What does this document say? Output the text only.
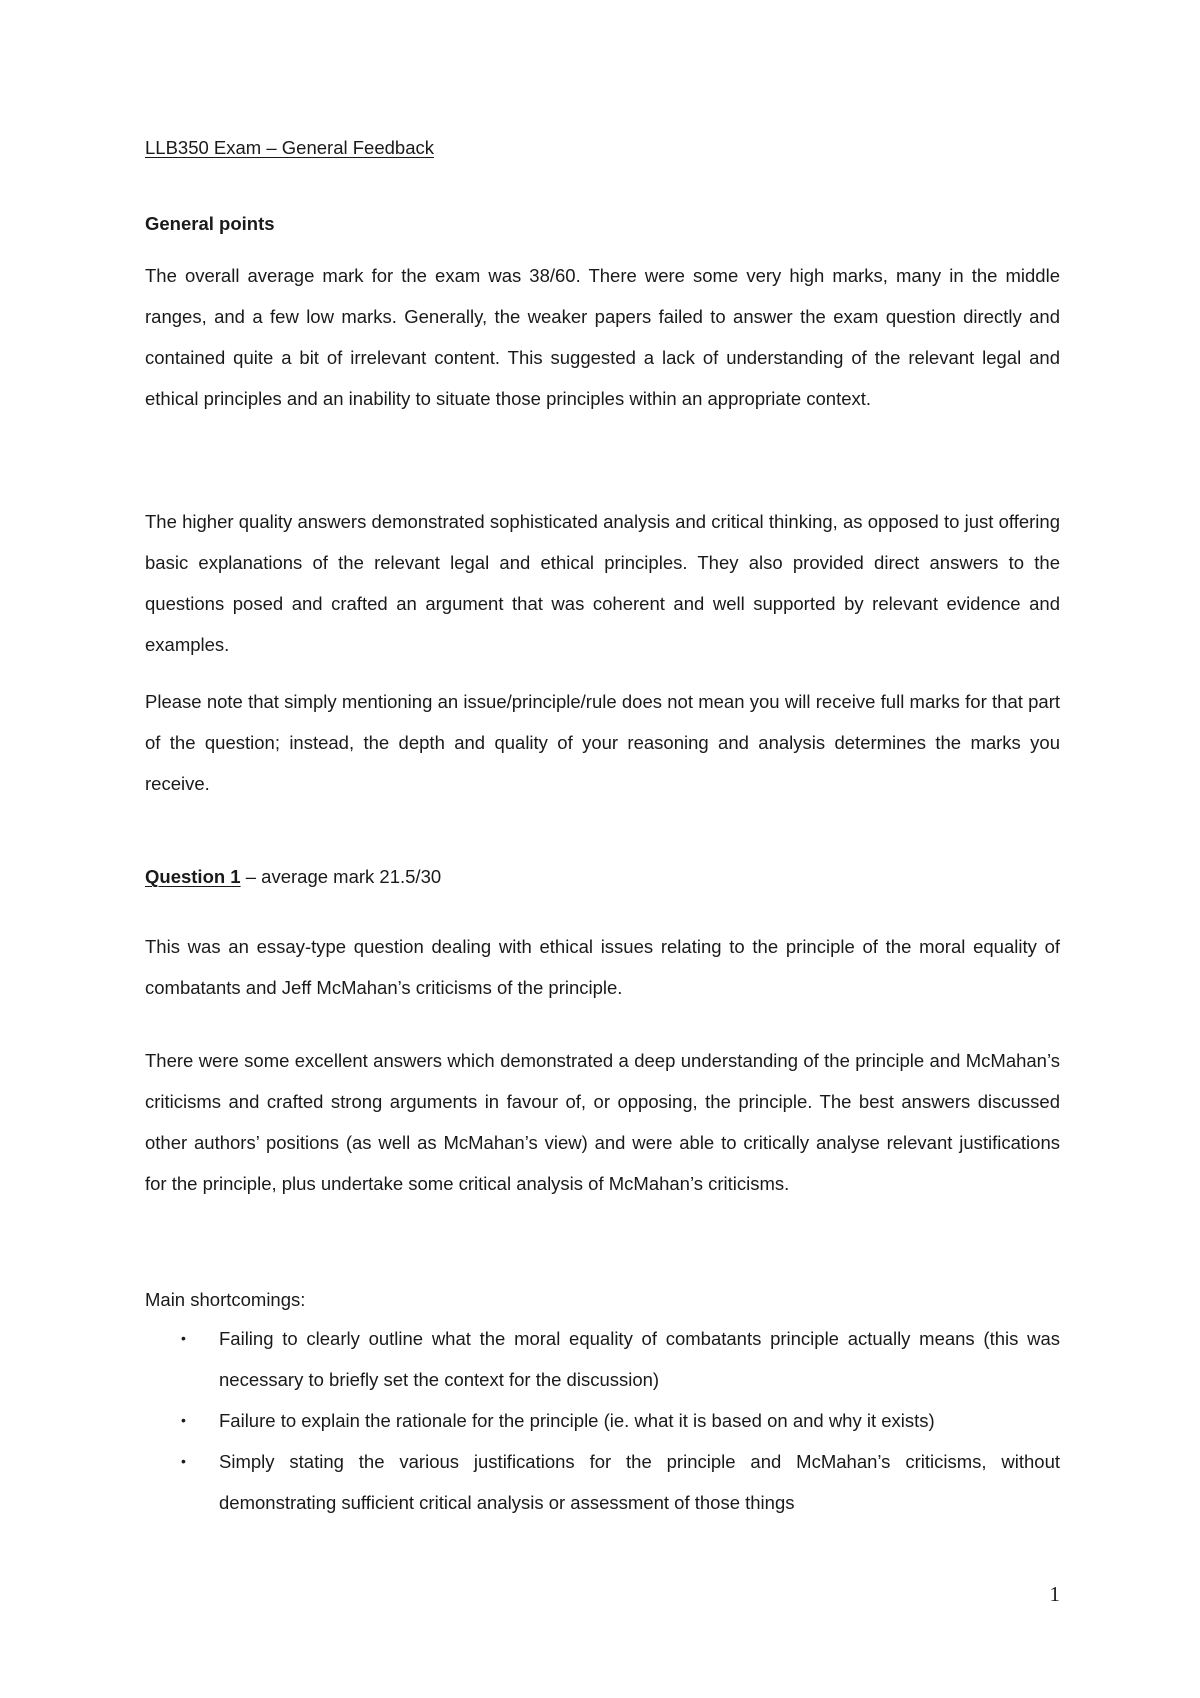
LLB350 Exam – General Feedback
General points
The overall average mark for the exam was 38/60. There were some very high marks, many in the middle ranges, and a few low marks. Generally, the weaker papers failed to answer the exam question directly and contained quite a bit of irrelevant content. This suggested a lack of understanding of the relevant legal and ethical principles and an inability to situate those principles within an appropriate context.
The higher quality answers demonstrated sophisticated analysis and critical thinking, as opposed to just offering basic explanations of the relevant legal and ethical principles. They also provided direct answers to the questions posed and crafted an argument that was coherent and well supported by relevant evidence and examples.
Please note that simply mentioning an issue/principle/rule does not mean you will receive full marks for that part of the question; instead, the depth and quality of your reasoning and analysis determines the marks you receive.
Question 1 – average mark 21.5/30
This was an essay-type question dealing with ethical issues relating to the principle of the moral equality of combatants and Jeff McMahan’s criticisms of the principle.
There were some excellent answers which demonstrated a deep understanding of the principle and McMahan’s criticisms and crafted strong arguments in favour of, or opposing, the principle. The best answers discussed other authors’ positions (as well as McMahan’s view) and were able to critically analyse relevant justifications for the principle, plus undertake some critical analysis of McMahan’s criticisms.
Main shortcomings:
• Failing to clearly outline what the moral equality of combatants principle actually means (this was necessary to briefly set the context for the discussion)
• Failure to explain the rationale for the principle (ie. what it is based on and why it exists)
• Simply stating the various justifications for the principle and McMahan’s criticisms, without demonstrating sufficient critical analysis or assessment of those things
1
